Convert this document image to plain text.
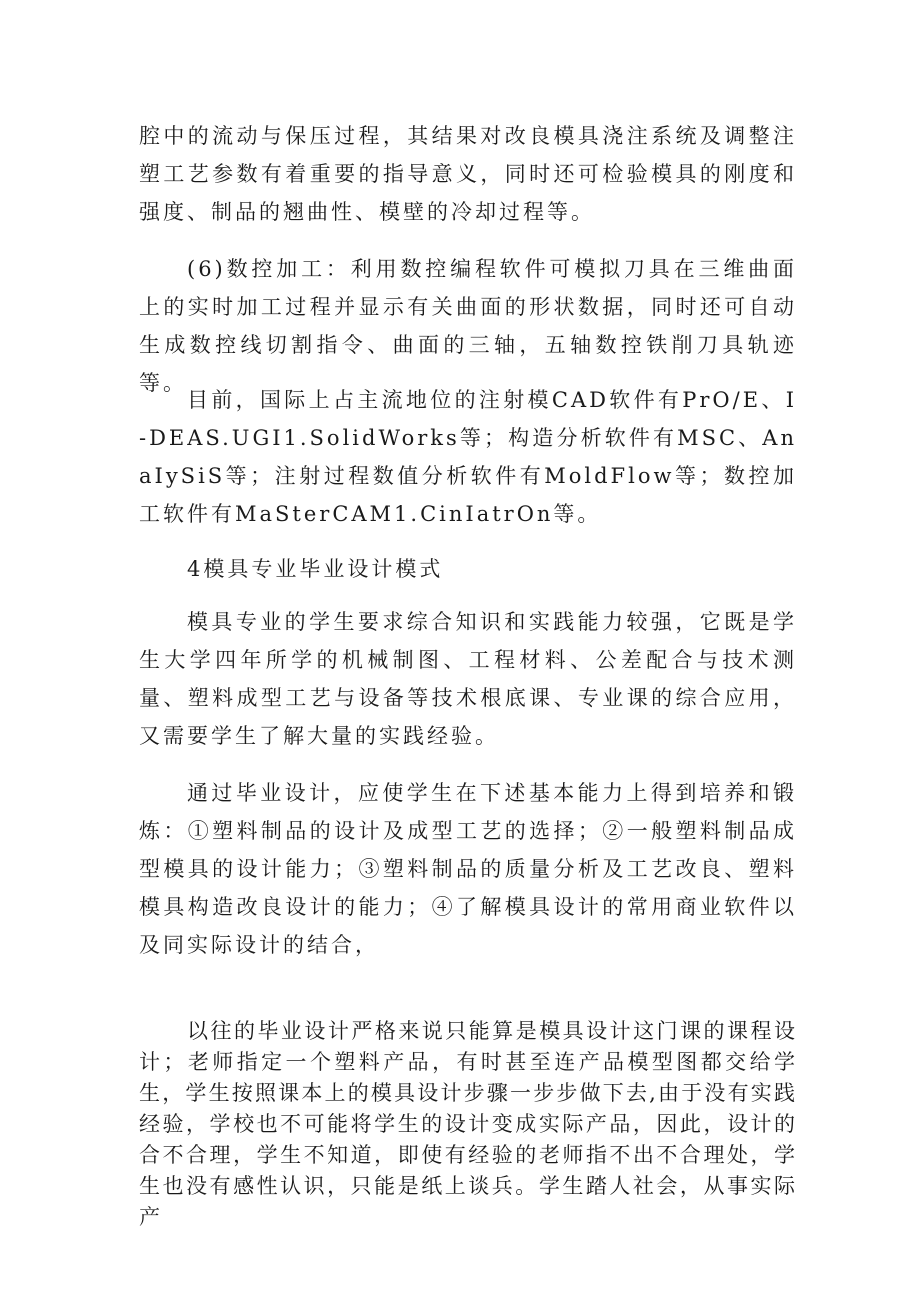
腔中的流动与保压过程，其结果对改良模具浇注系统及调整注塑工艺参数有着重要的指导意义，同时还可检验模具的刚度和强度、制品的翘曲性、模壁的冷却过程等。

(6)数控加工：利用数控编程软件可模拟刀具在三维曲面上的实时加工过程并显示有关曲面的形状数据，同时还可自动生成数控线切割指令、曲面的三轴，五轴数控铁削刀具轨迹等。

目前，国际上占主流地位的注射模CAD软件有PrO/E、I-DEAS.UGI1.SolidWorks等；构造分析软件有MSC、AnaIySiS等；注射过程数值分析软件有MoldFlow等；数控加工软件有MaSterCAM1.CinIatrOn等。

4模具专业毕业设计模式

模具专业的学生要求综合知识和实践能力较强，它既是学生大学四年所学的机械制图、工程材料、公差配合与技术测量、塑料成型工艺与设备等技术根底课、专业课的综合应用，又需要学生了解大量的实践经验。

通过毕业设计，应使学生在下述基本能力上得到培养和锻炼：①塑料制品的设计及成型工艺的选择；②一般塑料制品成型模具的设计能力；③塑料制品的质量分析及工艺改良、塑料模具构造改良设计的能力；④了解模具设计的常用商业软件以及同实际设计的结合，

以往的毕业设计严格来说只能算是模具设计这门课的课程设计；老师指定一个塑料产品，有时甚至连产品模型图都交给学生，学生按照课本上的模具设计步骤一步步做下去,由于没有实践经验，学校也不可能将学生的设计变成实际产品，因此，设计的合不合理，学生不知道，即使有经验的老师指不出不合理处，学生也没有感性认识，只能是纸上谈兵。学生踏人社会，从事实际产
